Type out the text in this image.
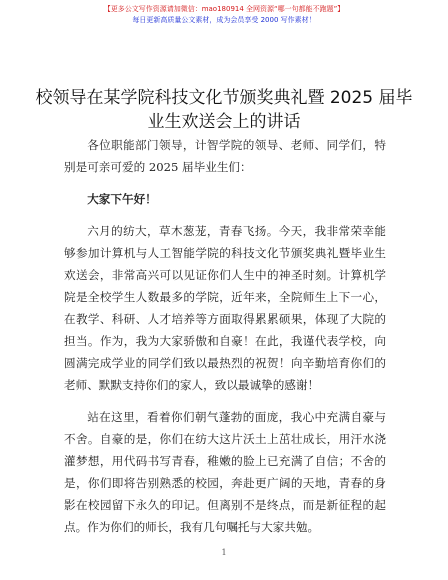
【更多公文写作资源请加微信：mao180914 全网资源“哪一句都能不跑题”】
每日更新高质量公文素材，成为会员享受 2000 写作素材！
校领导在某学院科技文化节颁奖典礼暨 2025 届毕业生欢送会上的讲话

各位职能部门领导，计智学院的领导、老师、同学们，特别是可亲可爱的 2025 届毕业生们：

大家下午好！

六月的纺大，草木葱茏，青春飞扬。今天，我非常荣幸能够参加计算机与人工智能学院的科技文化节颁奖典礼暨毕业生欢送会，非常高兴可以见证你们人生中的神圣时刻。计算机学院是全校学生人数最多的学院，近年来，全院师生上下一心，在教学、科研、人才培养等方面取得累累硕果，体现了大院的担当。作为，我为大家骄傲和自豪！在此，我谨代表学校，向圆满完成学业的同学们致以最热烈的祝贺！向辛勤培育你们的老师、默默支持你们的家人，致以最诚挚的感谢！

站在这里，看着你们朝气蓬勃的面庞，我心中充满自豪与不舍。自豪的是，你们在纺大这片沃土上茁壮成长，用汗水浇灌梦想，用代码书写青春，稚嫩的脸上已充满了自信；不舍的是，你们即将告别熟悉的校园，奔赴更广阔的天地，青春的身影在校园留下永久的印记。但离别不是终点，而是新征程的起点。作为你们的师长，我有几句嘱托与大家共勉。

1
